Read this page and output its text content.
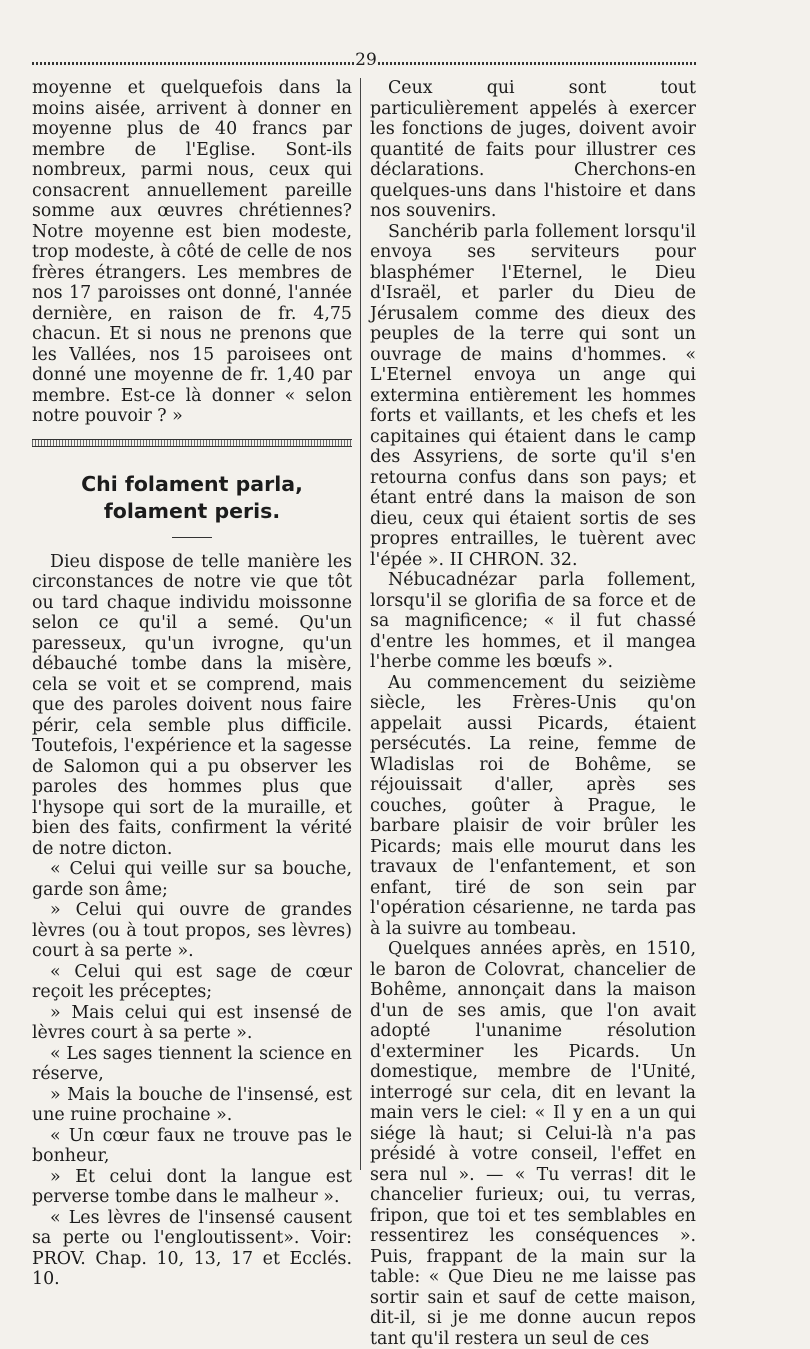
29

moyenne et quelquefois dans la moins aisée, arrivent à donner en moyenne plus de 40 francs par membre de l'Eglise. Sont-ils nombreux, parmi nous, ceux qui consacrent annuellement pareille somme aux œuvres chrétiennes? Notre moyenne est bien modeste, trop modeste, à côté de celle de nos frères étrangers. Les membres de nos 17 paroisses ont donné, l'année dernière, en raison de fr. 4,75 chacun. Et si nous ne prenons que les Vallées, nos 15 paroisees ont donné une moyenne de fr. 1,40 par membre. Est-ce là donner « selon notre pouvoir ? »

Chi folament parla,
folament peris.

Dieu dispose de telle manière les circonstances de notre vie que tôt ou tard chaque individu moissonne selon ce qu'il a semé. Qu'un paresseux, qu'un ivrogne, qu'un débauché tombe dans la misère, cela se voit et se comprend, mais que des paroles doivent nous faire périr, cela semble plus difficile. Toutefois, l'expérience et la sagesse de Salomon qui a pu observer les paroles des hommes plus que l'hysope qui sort de la muraille, et bien des faits, confirment la vérité de notre dicton.

« Celui qui veille sur sa bouche, garde son âme;

» Celui qui ouvre de grandes lèvres (ou à tout propos, ses lèvres) court à sa perte ».

« Celui qui est sage de cœur reçoit les préceptes;

» Mais celui qui est insensé de lèvres court à sa perte ».

« Les sages tiennent la science en réserve,

» Mais la bouche de l'insensé, est une ruine prochaine ».

« Un cœur faux ne trouve pas le bonheur,

» Et celui dont la langue est perverse tombe dans le malheur ».

« Les lèvres de l'insensé causent sa perte ou l'engloutissent». Voir: PROV. Chap. 10, 13, 17 et Ecclés. 10.

Ceux qui sont tout particulièrement appelés à exercer les fonctions de juges, doivent avoir quantité de faits pour illustrer ces déclarations. Cherchons-en quelques-uns dans l'histoire et dans nos souvenirs.

Sanchérib parla follement lorsqu'il envoya ses serviteurs pour blasphémer l'Eternel, le Dieu d'Israël, et parler du Dieu de Jérusalem comme des dieux des peuples de la terre qui sont un ouvrage de mains d'hommes. « L'Eternel envoya un ange qui extermina entièrement les hommes forts et vaillants, et les chefs et les capitaines qui étaient dans le camp des Assyriens, de sorte qu'il s'en retourna confus dans son pays; et étant entré dans la maison de son dieu, ceux qui étaient sortis de ses propres entrailles, le tuèrent avec l'épée ». II CHRON. 32.

Nébucadnézar parla follement, lorsqu'il se glorifia de sa force et de sa magnificence; « il fut chassé d'entre les hommes, et il mangea l'herbe comme les bœufs ».

Au commencement du seizième siècle, les Frères-Unis qu'on appelait aussi Picards, étaient persécutés. La reine, femme de Wladislas roi de Bohême, se réjouissait d'aller, après ses couches, goûter à Prague, le barbare plaisir de voir brûler les Picards; mais elle mourut dans les travaux de l'enfantement, et son enfant, tiré de son sein par l'opération césarienne, ne tarda pas à la suivre au tombeau.

Quelques années après, en 1510, le baron de Colovrat, chancelier de Bohême, annonçait dans la maison d'un de ses amis, que l'on avait adopté l'unanime résolution d'exterminer les Picards. Un domestique, membre de l'Unité, interrogé sur cela, dit en levant la main vers le ciel: « Il y en a un qui siége là haut; si Celui-là n'a pas présidé à votre conseil, l'effet en sera nul ». — « Tu verras! dit le chancelier furieux; oui, tu verras, fripon, que toi et tes semblables en ressentirez les conséquences ». Puis, frappant de la main sur la table: « Que Dieu ne me laisse pas sortir sain et sauf de cette maison, dit-il, si je me donne aucun repos tant qu'il restera un seul de ces
